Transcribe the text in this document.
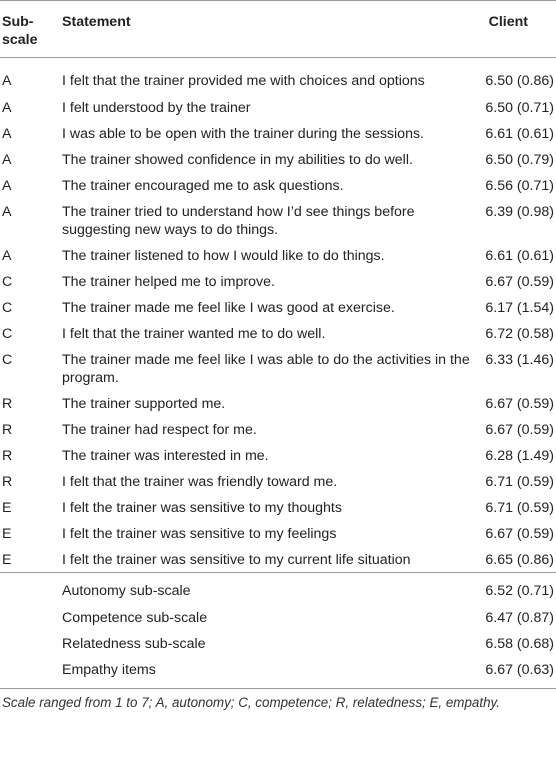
Sub-
scale	Statement	Client
A	I felt that the trainer provided me with choices and options	6.50 (0.86)
A	I felt understood by the trainer	6.50 (0.71)
A	I was able to be open with the trainer during the sessions.	6.61 (0.61)
A	The trainer showed confidence in my abilities to do well.	6.50 (0.79)
A	The trainer encouraged me to ask questions.	6.56 (0.71)
A	The trainer tried to understand how I’d see things before suggesting new ways to do things.	6.39 (0.98)
A	The trainer listened to how I would like to do things.	6.61 (0.61)
C	The trainer helped me to improve.	6.67 (0.59)
C	The trainer made me feel like I was good at exercise.	6.17 (1.54)
C	I felt that the trainer wanted me to do well.	6.72 (0.58)
C	The trainer made me feel like I was able to do the activities in the program.	6.33 (1.46)
R	The trainer supported me.	6.67 (0.59)
R	The trainer had respect for me.	6.67 (0.59)
R	The trainer was interested in me.	6.28 (1.49)
R	I felt that the trainer was friendly toward me.	6.71 (0.59)
E	I felt the trainer was sensitive to my thoughts	6.71 (0.59)
E	I felt the trainer was sensitive to my feelings	6.67 (0.59)
E	I felt the trainer was sensitive to my current life situation	6.65 (0.86)
	Autonomy sub-scale	6.52 (0.71)
	Competence sub-scale	6.47 (0.87)
	Relatedness sub-scale	6.58 (0.68)
	Empathy items	6.67 (0.63)
Scale ranged from 1 to 7; A, autonomy; C, competence; R, relatedness; E, empathy.
